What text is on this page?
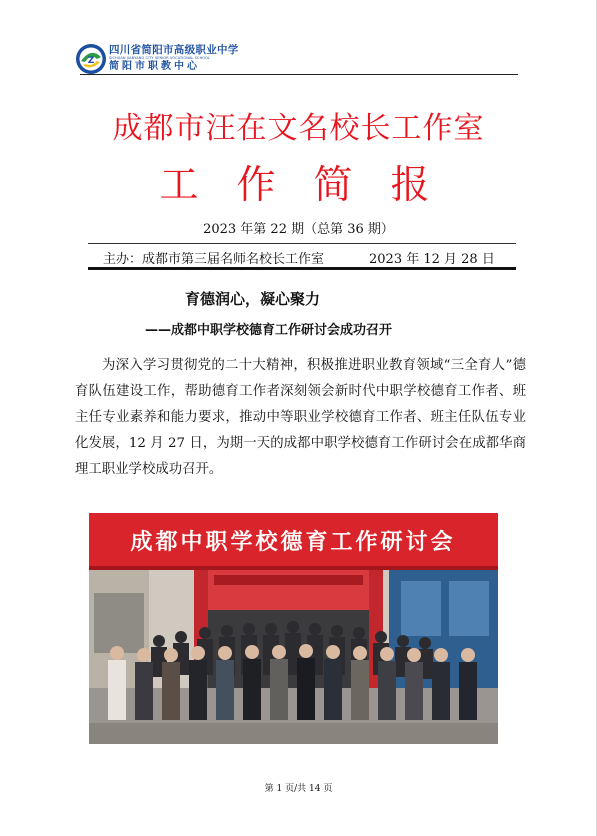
Z
四川省简阳市高级职业中学
SICHUAN JIANYANG CITY SENIOR VOCATIONAL SCHOOL
简阳市职教中心
成都市汪在文名校长工作室
工作简报
2023 年第 22 期（总第 36 期）
主办：成都市第三届名师名校长工作室	2023 年 12 月 28 日
育德润心，凝心聚力
——成都中职学校德育工作研讨会成功召开
为深入学习贯彻党的二十大精神，积极推进职业教育领域“三全育人”德育队伍建设工作，帮助德育工作者深刻领会新时代中职学校德育工作者、班主任专业素养和能力要求，推动中等职业学校德育工作者、班主任队伍专业化发展，12 月 27 日，为期一天的成都中职学校德育工作研讨会在成都华商理工职业学校成功召开。
成都中职学校德育工作研讨会
第 1 页/共 14 页
